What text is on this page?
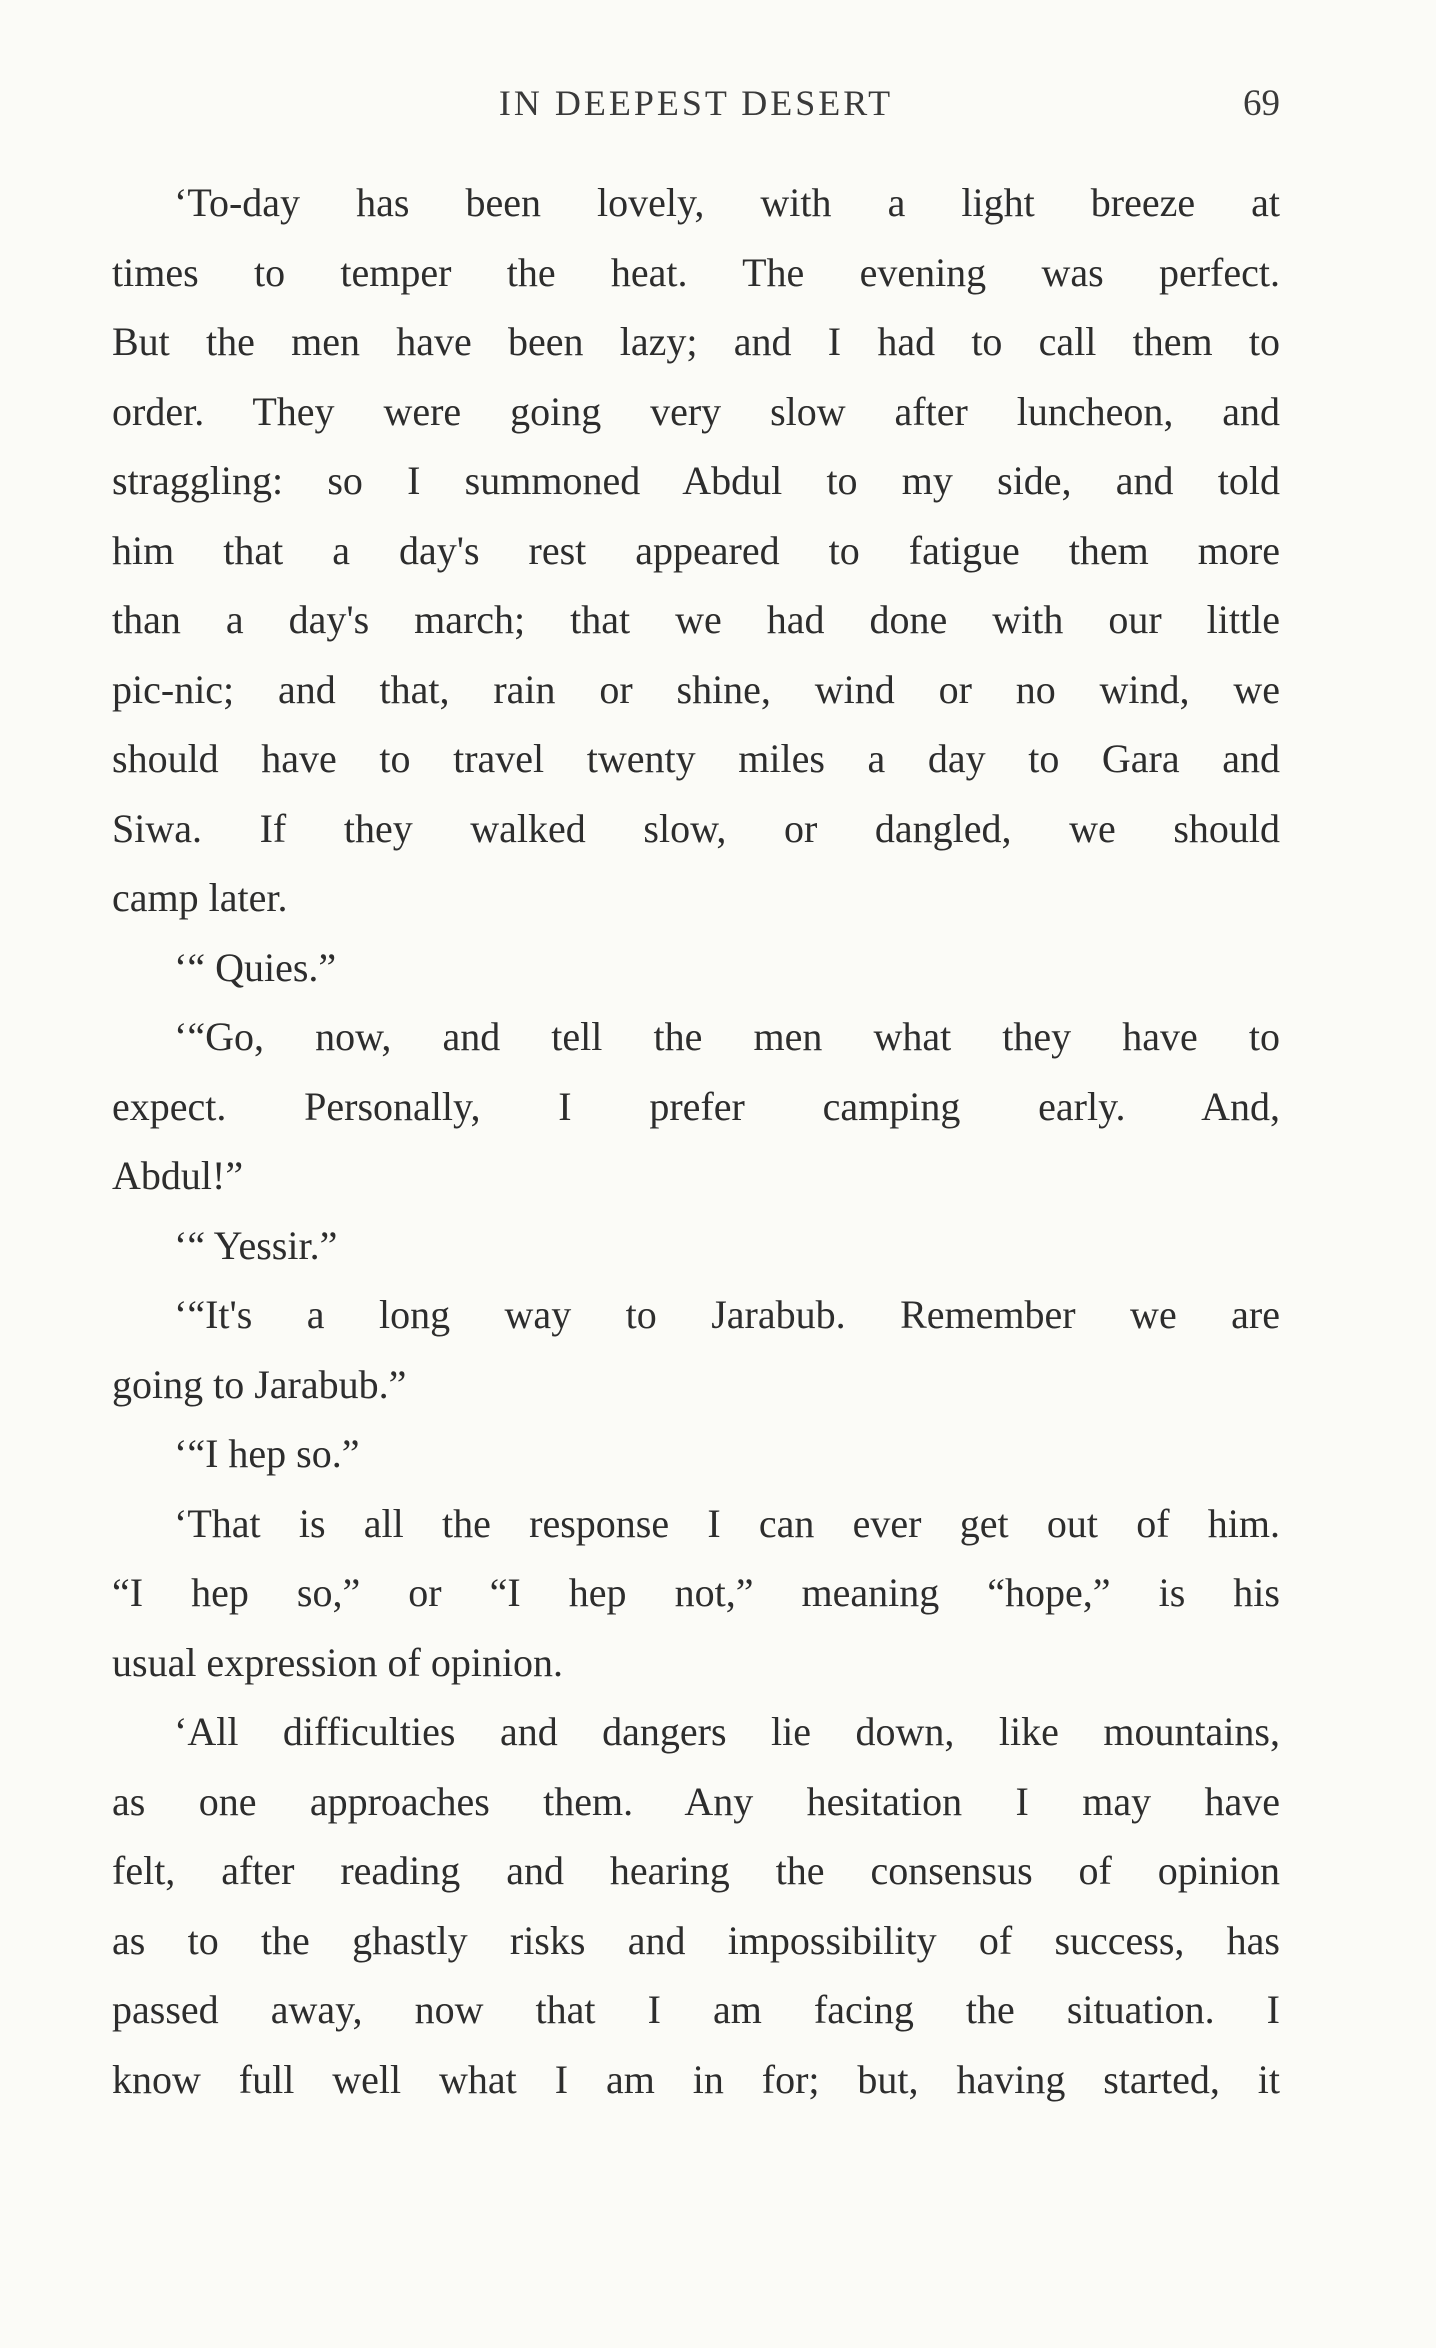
IN DEEPEST DESERT	69
‘To-day has been lovely, with a light breeze at
times to temper the heat. The evening was perfect.
But the men have been lazy; and I had to call them to
order. They were going very slow after luncheon, and
straggling: so I summoned Abdul to my side, and told
him that a day's rest appeared to fatigue them more
than a day's march; that we had done with our little
pic-nic; and that, rain or shine, wind or no wind, we
should have to travel twenty miles a day to Gara and
Siwa. If they walked slow, or dangled, we should
camp later.
‘“ Quies.”
‘“Go, now, and tell the men what they have to
expect. Personally, I prefer camping early. And,
Abdul!”
‘“ Yessir.”
‘“It's a long way to Jarabub. Remember we are
going to Jarabub.”
‘“I hep so.”
‘That is all the response I can ever get out of him.
“I hep so,” or “I hep not,” meaning “hope,” is his
usual expression of opinion.
‘All difficulties and dangers lie down, like mountains,
as one approaches them. Any hesitation I may have
felt, after reading and hearing the consensus of opinion
as to the ghastly risks and impossibility of success, has
passed away, now that I am facing the situation. I
know full well what I am in for; but, having started, it
